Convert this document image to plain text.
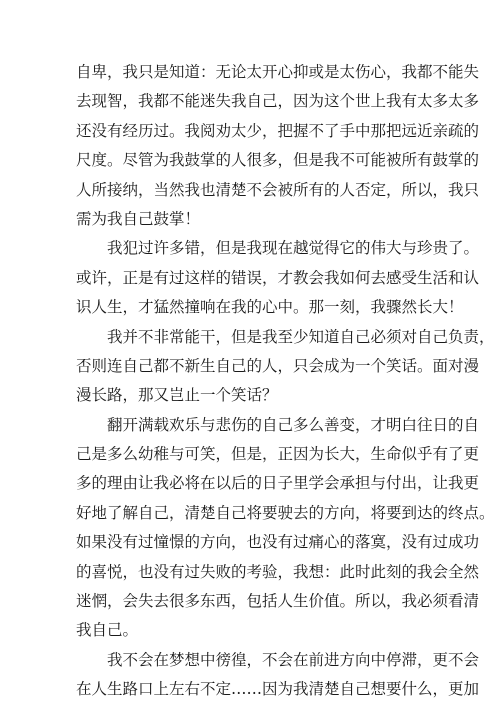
自卑，我只是知道：无论太开心抑或是太伤心，我都不能失
去现智，我都不能迷失我自己，因为这个世上我有太多太多
还没有经历过。我阅劝太少，把握不了手中那把远近亲疏的
尺度。尽管为我鼓掌的人很多，但是我不可能被所有鼓掌的
人所接纳，当然我也清楚不会被所有的人否定，所以，我只
需为我自己鼓掌！
我犯过许多错，但是我现在越觉得它的伟大与珍贵了。
或许，正是有过这样的错误，才教会我如何去感受生活和认
识人生，才猛然撞响在我的心中。那一刻，我骤然长大！
我并不非常能干，但是我至少知道自己必须对自己负责，
否则连自己都不新生自己的人，只会成为一个笑话。面对漫
漫长路，那又岂止一个笑话？
翻开满载欢乐与悲伤的自己多么善变，才明白往日的自
己是多么幼稚与可笑，但是，正因为长大，生命似乎有了更
多的理由让我必将在以后的日子里学会承担与付出，让我更
好地了解自己，清楚自己将要驶去的方向，将要到达的终点。
如果没有过憧憬的方向，也没有过痛心的落寞，没有过成功
的喜悦，也没有过失败的考验，我想：此时此刻的我会全然
迷惘，会失去很多东西，包括人生价值。所以，我必须看清
我自己。
我不会在梦想中徬徨，不会在前进方向中停滞，更不会
在人生路口上左右不定……因为我清楚自己想要什么，更加
